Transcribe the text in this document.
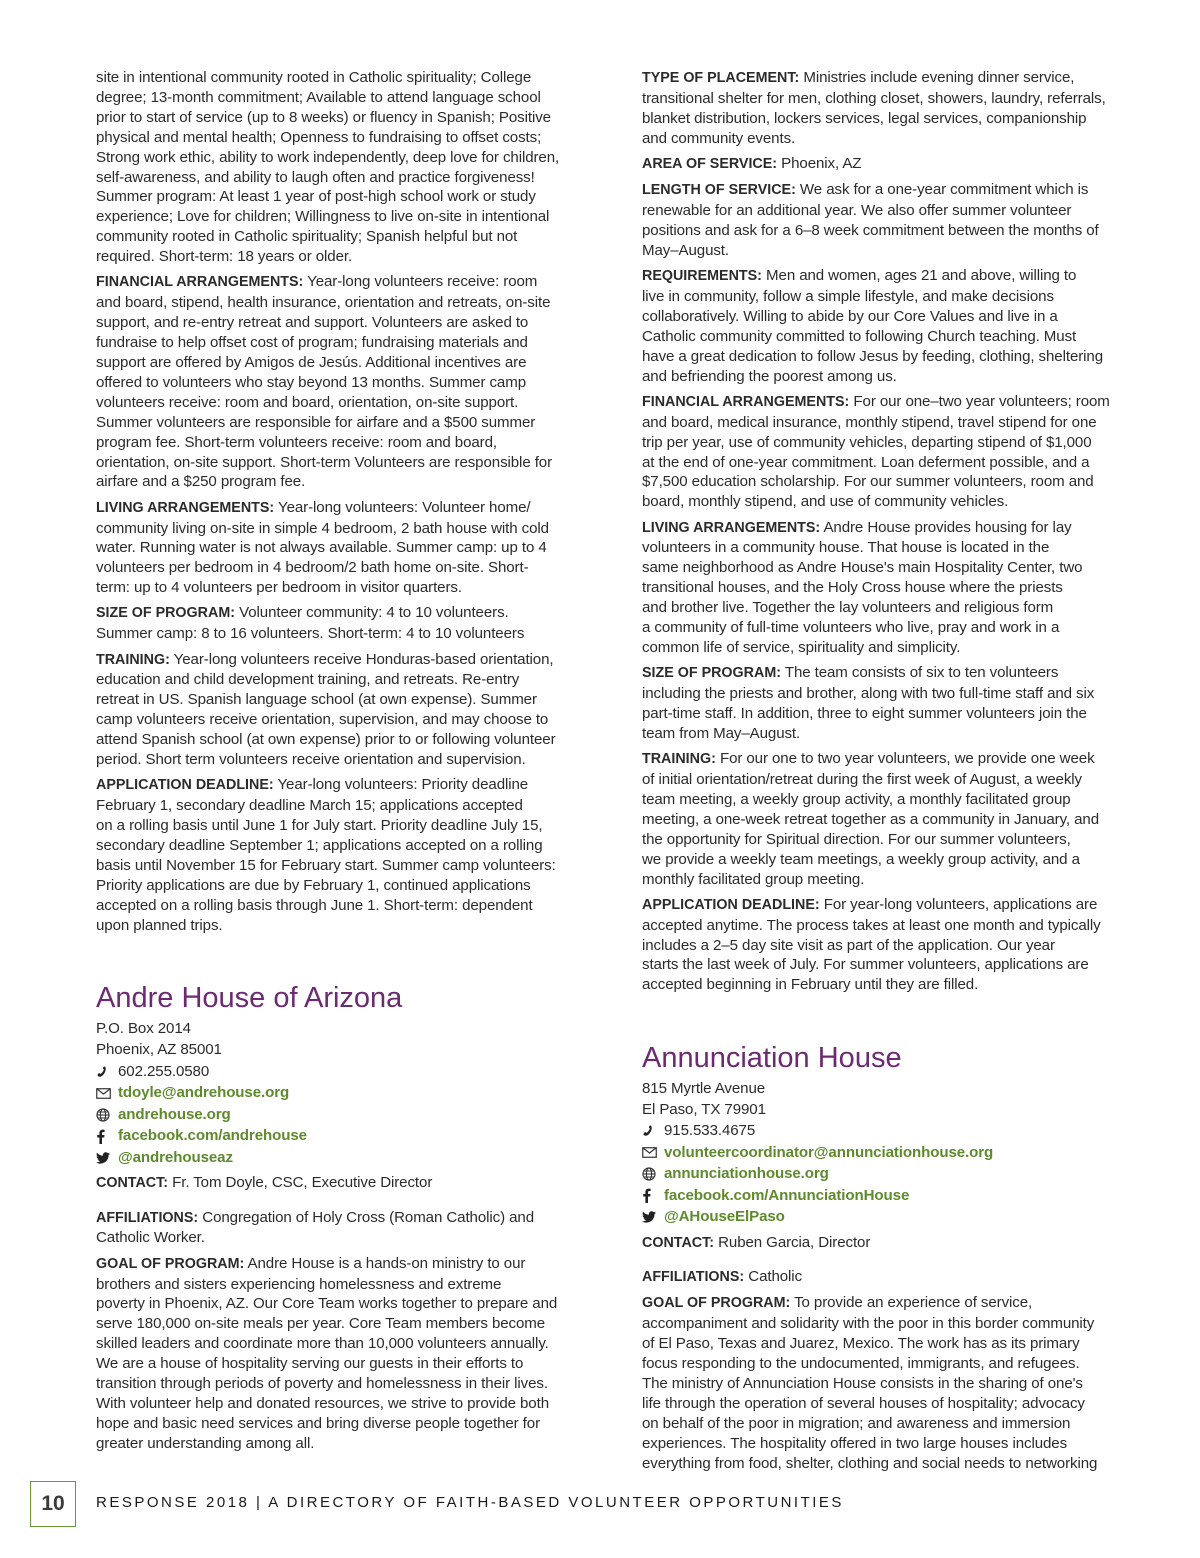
site in intentional community rooted in Catholic spirituality; College
degree; 13-month commitment; Available to attend language school
prior to start of service (up to 8 weeks) or fluency in Spanish; Positive
physical and mental health; Openness to fundraising to offset costs;
Strong work ethic, ability to work independently, deep love for children,
self-awareness, and ability to laugh often and practice forgiveness!
Summer program: At least 1 year of post-high school work or study
experience; Love for children; Willingness to live on-site in intentional
community rooted in Catholic spirituality; Spanish helpful but not
required. Short-term: 18 years or older.

FINANCIAL ARRANGEMENTS: Year-long volunteers receive: room
and board, stipend, health insurance, orientation and retreats, on-site
support, and re-entry retreat and support. Volunteers are asked to
fundraise to help offset cost of program; fundraising materials and
support are offered by Amigos de Jesús. Additional incentives are
offered to volunteers who stay beyond 13 months. Summer camp
volunteers receive: room and board, orientation, on-site support.
Summer volunteers are responsible for airfare and a $500 summer
program fee. Short-term volunteers receive: room and board,
orientation, on-site support. Short-term Volunteers are responsible for
airfare and a $250 program fee.

LIVING ARRANGEMENTS: Year-long volunteers: Volunteer home/
community living on-site in simple 4 bedroom, 2 bath house with cold
water. Running water is not always available. Summer camp: up to 4
volunteers per bedroom in 4 bedroom/2 bath home on-site. Short-
term: up to 4 volunteers per bedroom in visitor quarters.

SIZE OF PROGRAM: Volunteer community: 4 to 10 volunteers.
Summer camp: 8 to 16 volunteers. Short-term: 4 to 10 volunteers

TRAINING: Year-long volunteers receive Honduras-based orientation,
education and child development training, and retreats. Re-entry
retreat in US. Spanish language school (at own expense). Summer
camp volunteers receive orientation, supervision, and may choose to
attend Spanish school (at own expense) prior to or following volunteer
period. Short term volunteers receive orientation and supervision.

APPLICATION DEADLINE: Year-long volunteers: Priority deadline
February 1, secondary deadline March 15; applications accepted
on a rolling basis until June 1 for July start. Priority deadline July 15,
secondary deadline September 1; applications accepted on a rolling
basis until November 15 for February start. Summer camp volunteers:
Priority applications are due by February 1, continued applications
accepted on a rolling basis through June 1. Short-term: dependent
upon planned trips.

Andre House of Arizona

P.O. Box 2014

Phoenix, AZ 85001

602.255.0580
tdoyle@andrehouse.org
andrehouse.org
facebook.com/andrehouse
@andrehouseaz

CONTACT: Fr. Tom Doyle, CSC, Executive Director

AFFILIATIONS: Congregation of Holy Cross (Roman Catholic) and
Catholic Worker.

GOAL OF PROGRAM: Andre House is a hands-on ministry to our
brothers and sisters experiencing homelessness and extreme
poverty in Phoenix, AZ. Our Core Team works together to prepare and
serve 180,000 on-site meals per year. Core Team members become
skilled leaders and coordinate more than 10,000 volunteers annually.
We are a house of hospitality serving our guests in their efforts to
transition through periods of poverty and homelessness in their lives.
With volunteer help and donated resources, we strive to provide both
hope and basic need services and bring diverse people together for
greater understanding among all.

TYPE OF PLACEMENT: Ministries include evening dinner service,
transitional shelter for men, clothing closet, showers, laundry, referrals,
blanket distribution, lockers services, legal services, companionship
and community events.

AREA OF SERVICE: Phoenix, AZ

LENGTH OF SERVICE: We ask for a one-year commitment which is
renewable for an additional year. We also offer summer volunteer
positions and ask for a 6–8 week commitment between the months of
May–August.

REQUIREMENTS: Men and women, ages 21 and above, willing to
live in community, follow a simple lifestyle, and make decisions
collaboratively. Willing to abide by our Core Values and live in a
Catholic community committed to following Church teaching. Must
have a great dedication to follow Jesus by feeding, clothing, sheltering
and befriending the poorest among us.

FINANCIAL ARRANGEMENTS: For our one–two year volunteers; room
and board, medical insurance, monthly stipend, travel stipend for one
trip per year, use of community vehicles, departing stipend of $1,000
at the end of one-year commitment. Loan deferment possible, and a
$7,500 education scholarship. For our summer volunteers, room and
board, monthly stipend, and use of community vehicles.

LIVING ARRANGEMENTS: Andre House provides housing for lay
volunteers in a community house. That house is located in the
same neighborhood as Andre House's main Hospitality Center, two
transitional houses, and the Holy Cross house where the priests
and brother live. Together the lay volunteers and religious form
a community of full-time volunteers who live, pray and work in a
common life of service, spirituality and simplicity.

SIZE OF PROGRAM: The team consists of six to ten volunteers
including the priests and brother, along with two full-time staff and six
part-time staff. In addition, three to eight summer volunteers join the
team from May–August.

TRAINING: For our one to two year volunteers, we provide one week
of initial orientation/retreat during the first week of August, a weekly
team meeting, a weekly group activity, a monthly facilitated group
meeting, a one-week retreat together as a community in January, and
the opportunity for Spiritual direction. For our summer volunteers,
we provide a weekly team meetings, a weekly group activity, and a
monthly facilitated group meeting.

APPLICATION DEADLINE: For year-long volunteers, applications are
accepted anytime. The process takes at least one month and typically
includes a 2–5 day site visit as part of the application. Our year
starts the last week of July. For summer volunteers, applications are
accepted beginning in February until they are filled.

Annunciation House

815 Myrtle Avenue

El Paso, TX 79901

915.533.4675
volunteercoordinator@annunciationhouse.org
annunciationhouse.org
facebook.com/AnnunciationHouse
@AHouseElPaso

CONTACT: Ruben Garcia, Director

AFFILIATIONS: Catholic

GOAL OF PROGRAM: To provide an experience of service,
accompaniment and solidarity with the poor in this border community
of El Paso, Texas and Juarez, Mexico. The work has as its primary
focus responding to the undocumented, immigrants, and refugees.
The ministry of Annunciation House consists in the sharing of one's
life through the operation of several houses of hospitality; advocacy
on behalf of the poor in migration; and awareness and immersion
experiences. The hospitality offered in two large houses includes
everything from food, shelter, clothing and social needs to networking

10	RESPONSE 2018 | A DIRECTORY OF FAITH-BASED VOLUNTEER OPPORTUNITIES
